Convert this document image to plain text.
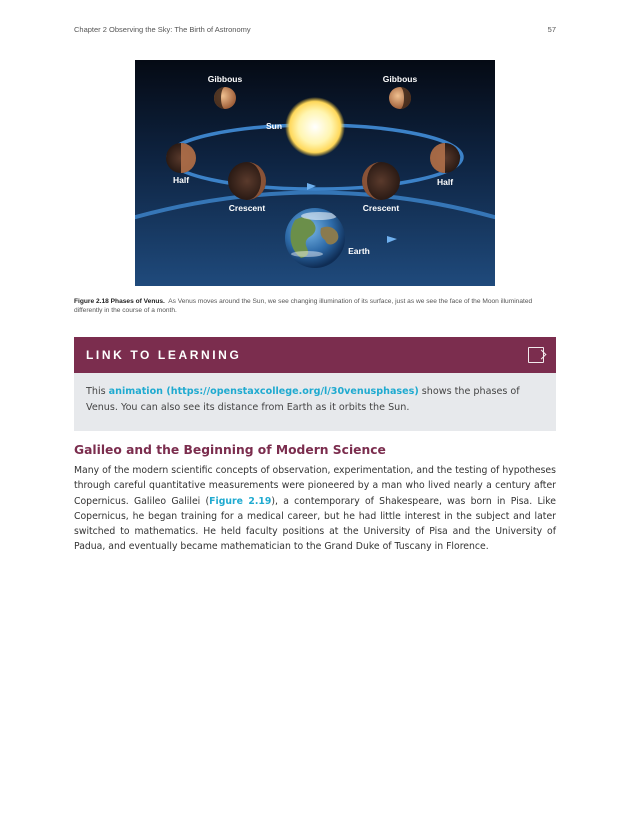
Chapter 2 Observing the Sky: The Birth of Astronomy	57
Gibbous	Gibbous
Sun
Half	Half
Crescent	Crescent
Earth
Figure 2.18 Phases of Venus. As Venus moves around the Sun, we see changing illumination of its surface, just as we see the face of the Moon illuminated differently in the course of a month.
LINK TO LEARNING
This animation (https://openstaxcollege.org/l/30venusphases) shows the phases of Venus. You can also see its distance from Earth as it orbits the Sun.
Galileo and the Beginning of Modern Science

Many of the modern scientific concepts of observation, experimentation, and the testing of hypotheses through careful quantitative measurements were pioneered by a man who lived nearly a century after Copernicus. Galileo Galilei (Figure 2.19), a contemporary of Shakespeare, was born in Pisa. Like Copernicus, he began training for a medical career, but he had little interest in the subject and later switched to mathematics. He held faculty positions at the University of Pisa and the University of Padua, and eventually became mathematician to the Grand Duke of Tuscany in Florence.
